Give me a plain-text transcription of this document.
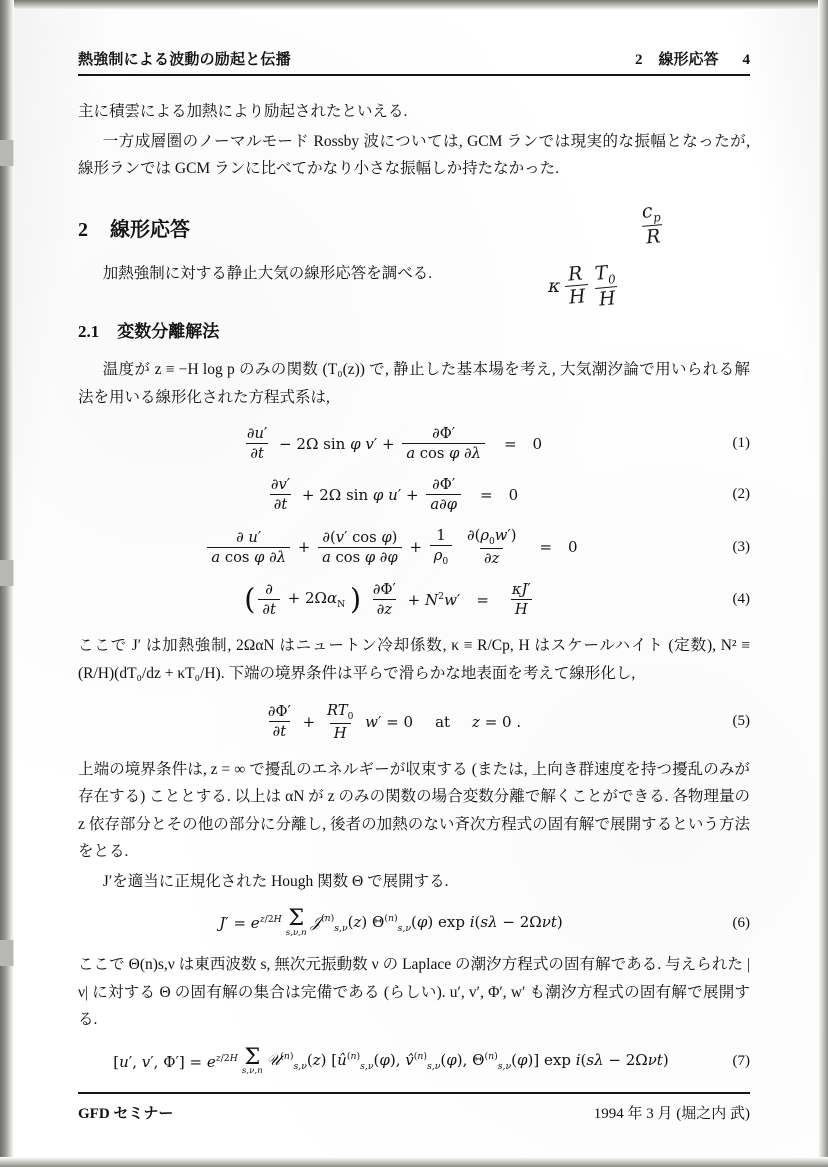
熱強制による波動の励起と伝播	2 線形応答 4

主に積雲による加熱により励起されたといえる.

一方成層圏のノーマルモード Rossby 波については, GCM ランでは現実的な振幅となったが, 線形ランでは GCM ランに比べてかなり小さな振幅しか持たなかった.

2 線形応答

加熱強制に対する静止大気の線形応答を調べる.

2.1 変数分離解法

温度が z ≡ −H log p のみの関数 (T₀(z)) で, 静止した基本場を考え, 大気潮汐論で用いられる解法を用いる線形化された方程式系は,

$\frac{\partial u'}{\partial t} - 2\Omega$ sin φ $v' + \frac{\partial\Phi'}{\text{a cos φ ∂λ}} = 0$	(1)
$\frac{\partial v'}{\partial t} + 2\Omega$ sin φ $u' + \frac{\partial\Phi'}{a\partial\varphi} = 0$	(2)
$\frac{\partial u'}{\text{a cos φ ∂λ}} + \frac{\text{∂(v′ cos φ)}}{\text{a cos φ ∂φ}} + \frac{1}{\rho_0}$
$\frac{\partial(\rho_0w')}{\partial z} = 0$	(3)
( $\frac{\partial}{\partial t} + 2\Omega\alpha_N$ )
$\frac{\partial\Phi'}{\partial z} + N^2w' = \frac{\kappa J'}{H}$	(4)

ここで J′ は加熱強制, 2ΩαN はニュートン冷却係数, κ ≡ R/Cp, H はスケールハイト (定数), N² ≡ (R/H)(dT₀/dz + κT₀/H). 下端の境界条件は平らで滑らかな地表面を考えて線形化し,

$\frac{\partial\Phi'}{\partial t} + \frac{RT_0}{H} w' = 0$ at z = 0 .	(5)

上端の境界条件は, z = ∞ で擾乱のエネルギーが収束する (または, 上向き群速度を持つ擾乱のみが存在する) こととする. 以上は αN が z のみの関数の場合変数分離で解くことができる. 各物理量の z 依存部分とその他の部分に分離し, 後者の加熱のない斉次方程式の固有解で展開するという方法をとる.

J′を適当に正規化された Hough 関数 Θ で展開する.

$J' = e^{z/2H}$ Σ
s,ν,n
𝒥$^{(n)}_{s,\nu}$(z) $\Theta^{(n)}_{s,\nu}(\varphi)$ exp i(sλ − 2Ωνt)	(6)

ここで Θ(n)s,ν は東西波数 s, 無次元振動数 ν の Laplace の潮汐方程式の固有解である. 与えられた |ν| に対する Θ の固有解の集合は完備である (らしい). u′, v′, Φ′, w′ も潮汐方程式の固有解で展開する.

[u′, v′, $\Phi'] = e^{z/2H}$ Σ
s,ν,n
𝒰$^{(n)}_{s,\nu}$(z) [$û^{(n)}_{s,\nu}(\varphi)$, v̂$^{(n)}_{s,\nu}$(φ), $\Theta^{(n)}_{s,\nu}(\varphi)$] exp i(sλ − 2Ωνt)	(7)
GFD セミナー	1994 年 3 月 (堀之内 武)
$\frac{c_p}{R}$
κ $\frac{R}{H} \frac{T_0}{H}$
